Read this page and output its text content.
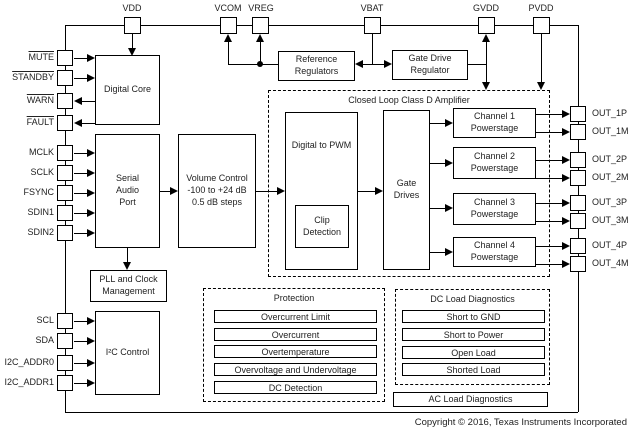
Closed Loop Class D Amplifier
VDD	VCOM VREG	VBAT	GVDD	PVDD
MUTE
STANDBY
WARN
FAULT
MCLK
SCLK
FSYNC
SDIN1
SDIN2
SCL
SDA
I2C_ADDR0
I2C_ADDR1
OUT_1P
OUT_1M
OUT_2P
OUT_2M
OUT_3P
OUT_3M
OUT_4P
OUT_4M
Digital Core
Serial Audio Port
Volume Control
-100 to +24 dB
0.5 dB steps
PLL and Clock Management
I²C Control
Reference Regulators
Gate Drive Regulator
Digital to PWM
Clip Detection
Gate Drives
Channel 1
Powerstage
Channel 2
Powerstage
Channel 3
Powerstage
Channel 4
Powerstage
Protection
Overcurrent Limit
Overcurrent
Overtemperature
Overvoltage and Undervoltage
DC Detection
DC Load Diagnostics
Short to GND
Short to Power
Open Load
Shorted Load
AC Load Diagnostics
Copyright © 2016, Texas Instruments Incorporated
